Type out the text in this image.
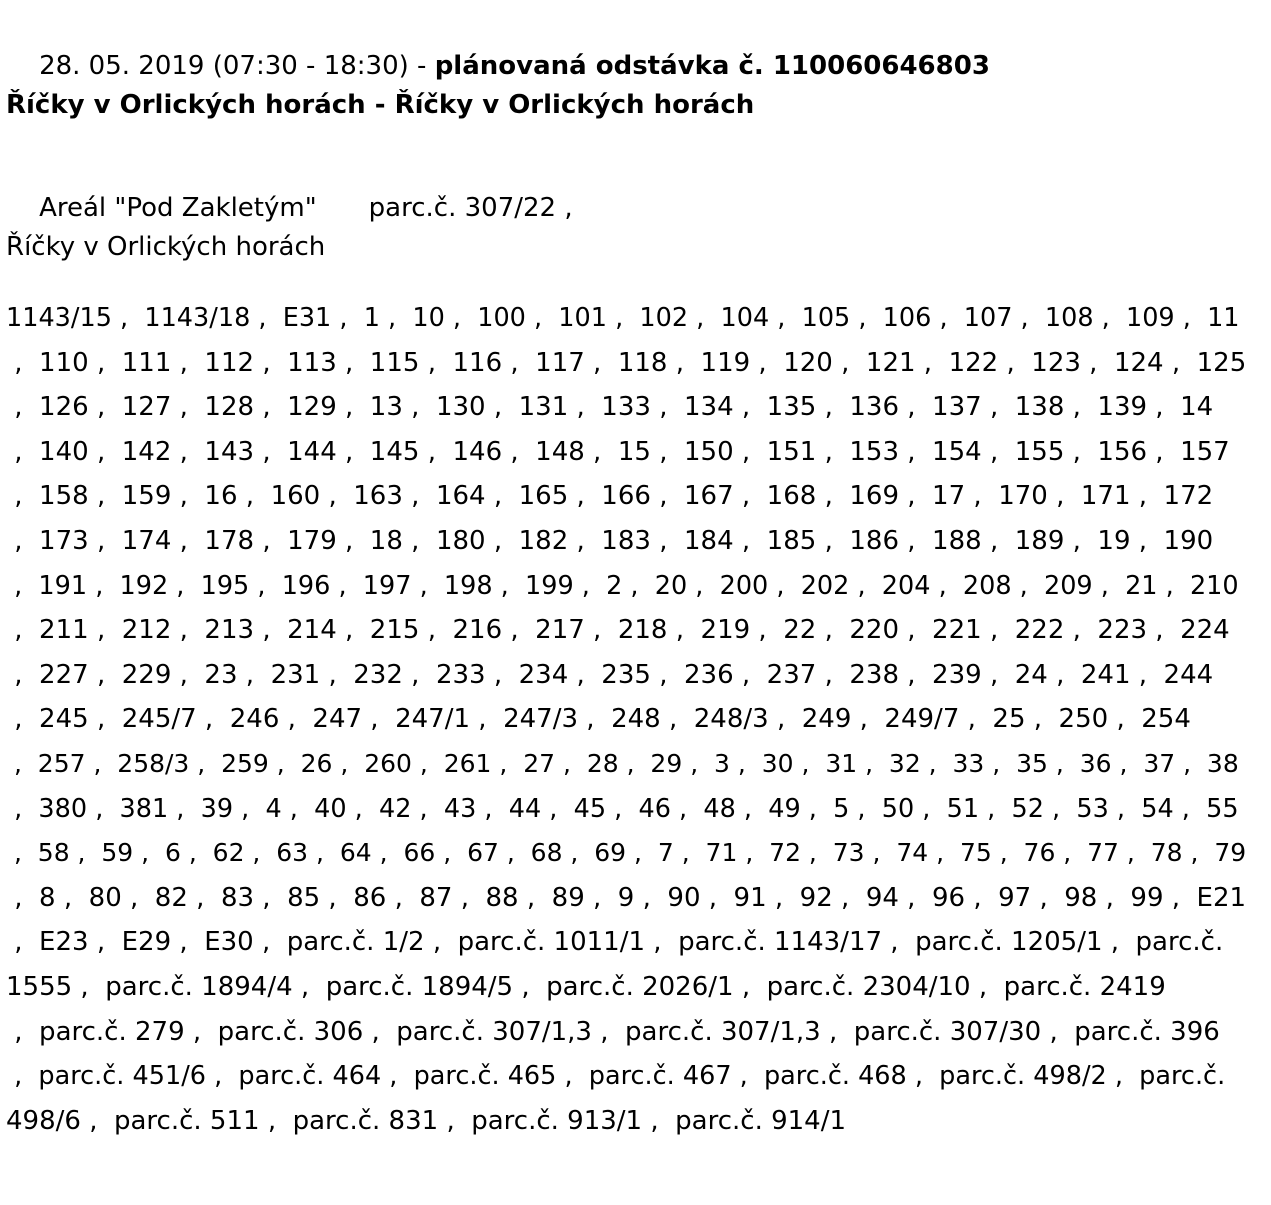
28. 05. 2019 (07:30 - 18:30) - plánovaná odstávka č. 110060646803

Říčky v Orlických horách - Říčky v Orlických horách

Areál "Pod Zakletým" parc.č. 307/22 ,

Říčky v Orlických horách
1143/15 ,  1143/18 ,  E31 ,  1 ,  10 ,  100 ,  101 ,  102 ,  104 ,  105 ,  106 ,  107 ,  108 ,  109 ,  11
,  110 ,  111 ,  112 ,  113 ,  115 ,  116 ,  117 ,  118 ,  119 ,  120 ,  121 ,  122 ,  123 ,  124 ,  125
,  126 ,  127 ,  128 ,  129 ,  13 ,  130 ,  131 ,  133 ,  134 ,  135 ,  136 ,  137 ,  138 ,  139 ,  14
,  140 ,  142 ,  143 ,  144 ,  145 ,  146 ,  148 ,  15 ,  150 ,  151 ,  153 ,  154 ,  155 ,  156 ,  157
,  158 ,  159 ,  16 ,  160 ,  163 ,  164 ,  165 ,  166 ,  167 ,  168 ,  169 ,  17 ,  170 ,  171 ,  172
,  173 ,  174 ,  178 ,  179 ,  18 ,  180 ,  182 ,  183 ,  184 ,  185 ,  186 ,  188 ,  189 ,  19 ,  190
,  191 ,  192 ,  195 ,  196 ,  197 ,  198 ,  199 ,  2 ,  20 ,  200 ,  202 ,  204 ,  208 ,  209 ,  21 ,  210
,  211 ,  212 ,  213 ,  214 ,  215 ,  216 ,  217 ,  218 ,  219 ,  22 ,  220 ,  221 ,  222 ,  223 ,  224
,  227 ,  229 ,  23 ,  231 ,  232 ,  233 ,  234 ,  235 ,  236 ,  237 ,  238 ,  239 ,  24 ,  241 ,  244
,  245 ,  245/7 ,  246 ,  247 ,  247/1 ,  247/3 ,  248 ,  248/3 ,  249 ,  249/7 ,  25 ,  250 ,  254
,  257 ,  258/3 ,  259 ,  26 ,  260 ,  261 ,  27 ,  28 ,  29 ,  3 ,  30 ,  31 ,  32 ,  33 ,  35 ,  36 ,  37 ,  38
,  380 ,  381 ,  39 ,  4 ,  40 ,  42 ,  43 ,  44 ,  45 ,  46 ,  48 ,  49 ,  5 ,  50 ,  51 ,  52 ,  53 ,  54 ,  55
,  58 ,  59 ,  6 ,  62 ,  63 ,  64 ,  66 ,  67 ,  68 ,  69 ,  7 ,  71 ,  72 ,  73 ,  74 ,  75 ,  76 ,  77 ,  78 ,  79
,  8 ,  80 ,  82 ,  83 ,  85 ,  86 ,  87 ,  88 ,  89 ,  9 ,  90 ,  91 ,  92 ,  94 ,  96 ,  97 ,  98 ,  99 ,  E21
,  E23 ,  E29 ,  E30 ,  parc.č. 1/2 ,  parc.č. 1011/1 ,  parc.č. 1143/17 ,  parc.č. 1205/1 ,  parc.č.
1555 ,  parc.č. 1894/4 ,  parc.č. 1894/5 ,  parc.č. 2026/1 ,  parc.č. 2304/10 ,  parc.č. 2419
,  parc.č. 279 ,  parc.č. 306 ,  parc.č. 307/1,3 ,  parc.č. 307/1,3 ,  parc.č. 307/30 ,  parc.č. 396
,  parc.č. 451/6 ,  parc.č. 464 ,  parc.č. 465 ,  parc.č. 467 ,  parc.č. 468 ,  parc.č. 498/2 ,  parc.č.
498/6 ,  parc.č. 511 ,  parc.č. 831 ,  parc.č. 913/1 ,  parc.č. 914/1
